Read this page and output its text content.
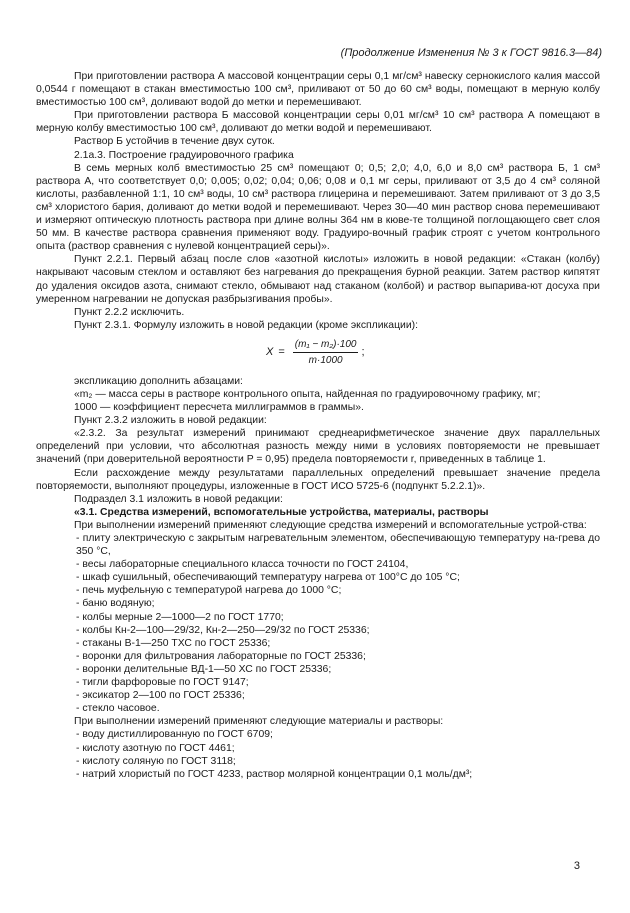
(Продолжение Изменения № 3 к ГОСТ 9816.3—84)

При приготовлении раствора А массовой концентрации серы 0,1 мг/см³ навеску сернокислого калия массой 0,0544 г помещают в стакан вместимостью 100 см³, приливают от 50 до 60 см³ воды, помещают в мерную колбу вместимостью 100 см³, доливают водой до метки и перемешивают.

При приготовлении раствора Б массовой концентрации серы 0,01 мг/см³ 10 см³ раствора А помещают в мерную колбу вместимостью 100 см³, доливают до метки водой и перемешивают.

Раствор Б устойчив в течение двух суток.

2.1а.3. Построение градуировочного графика

В семь мерных колб вместимостью 25 см³ помещают 0; 0,5; 2,0; 4,0, 6,0 и 8,0 см³ раствора Б, 1 см³ раствора А, что соответствует 0,0; 0,005; 0,02; 0,04; 0,06; 0,08 и 0,1 мг серы, приливают от 3,5 до 4 см³ соляной кислоты, разбавленной 1:1, 10 см³ воды, 10 см³ раствора глицерина и перемешивают. Затем приливают от 3 до 3,5 см³ хлористого бария, доливают до метки водой и перемешивают. Через 30—40 мин раствор снова перемешивают и измеряют оптическую плотность раствора при длине волны 364 нм в кюве-те толщиной поглощающего свет слоя 50 мм. В качестве раствора сравнения применяют воду. Градуиро-вочный график строят с учетом контрольного опыта (раствор сравнения с нулевой концентрацией серы)».

Пункт 2.2.1. Первый абзац после слов «азотной кислоты» изложить в новой редакции: «Стакан (колбу) накрывают часовым стеклом и оставляют без нагревания до прекращения бурной реакции. Затем раствор кипятят до удаления оксидов азота, снимают стекло, обмывают над стаканом (колбой) и раствор выпарива-ют досуха при умеренном нагревании не допуская разбрызгивания пробы».

Пункт 2.2.2 исключить.

Пункт 2.3.1. Формулу изложить в новой редакции (кроме экспликации):

$X = \frac{\text{(m₁ − m₂)·100}}{m\cdot 1000}$ ;

экспликацию дополнить абзацами:

«m₂ — масса серы в растворе контрольного опыта, найденная по градуировочному графику, мг;

1000 — коэффициент пересчета миллиграммов в граммы».

Пункт 2.3.2 изложить в новой редакции:

«2.3.2. За результат измерений принимают среднеарифметическое значение двух параллельных определений при условии, что абсолютная разность между ними в условиях повторяемости не превышает значений (при доверительной вероятности P = 0,95) предела повторяемости r, приведенных в таблице 1.

Если расхождение между результатами параллельных определений превышает значение предела повторяемости, выполняют процедуры, изложенные в ГОСТ ИСО 5725-6 (подпункт 5.2.2.1)».

Подраздел 3.1 изложить в новой редакции:

«3.1. Средства измерений, вспомогательные устройства, материалы, растворы

При выполнении измерений применяют следующие средства измерений и вспомогательные устрой-ства:

- плиту электрическую с закрытым нагревательным элементом, обеспечивающую температуру на-грева до 350 °C,

- весы лабораторные специального класса точности по ГОСТ 24104,

- шкаф сушильный, обеспечивающий температуру нагрева от 100°C до 105 °C;

- печь муфельную с температурой нагрева до 1000 °C;

- баню водяную;

- колбы мерные 2—1000—2 по ГОСТ 1770;

- колбы Кн-2—100—29/32, Кн-2—250—29/32 по ГОСТ 25336;

- стаканы В-1—250 ТХС по ГОСТ 25336;

- воронки для фильтрования лабораторные по ГОСТ 25336;

- воронки делительные ВД-1—50 ХС по ГОСТ 25336;

- тигли фарфоровые по ГОСТ 9147;

- эксикатор 2—100 по ГОСТ 25336;

- стекло часовое.

При выполнении измерений применяют следующие материалы и растворы:

- воду дистиллированную по ГОСТ 6709;

- кислоту азотную по ГОСТ 4461;

- кислоту соляную по ГОСТ 3118;

- натрий хлористый по ГОСТ 4233, раствор молярной концентрации 0,1 моль/дм³;

3
